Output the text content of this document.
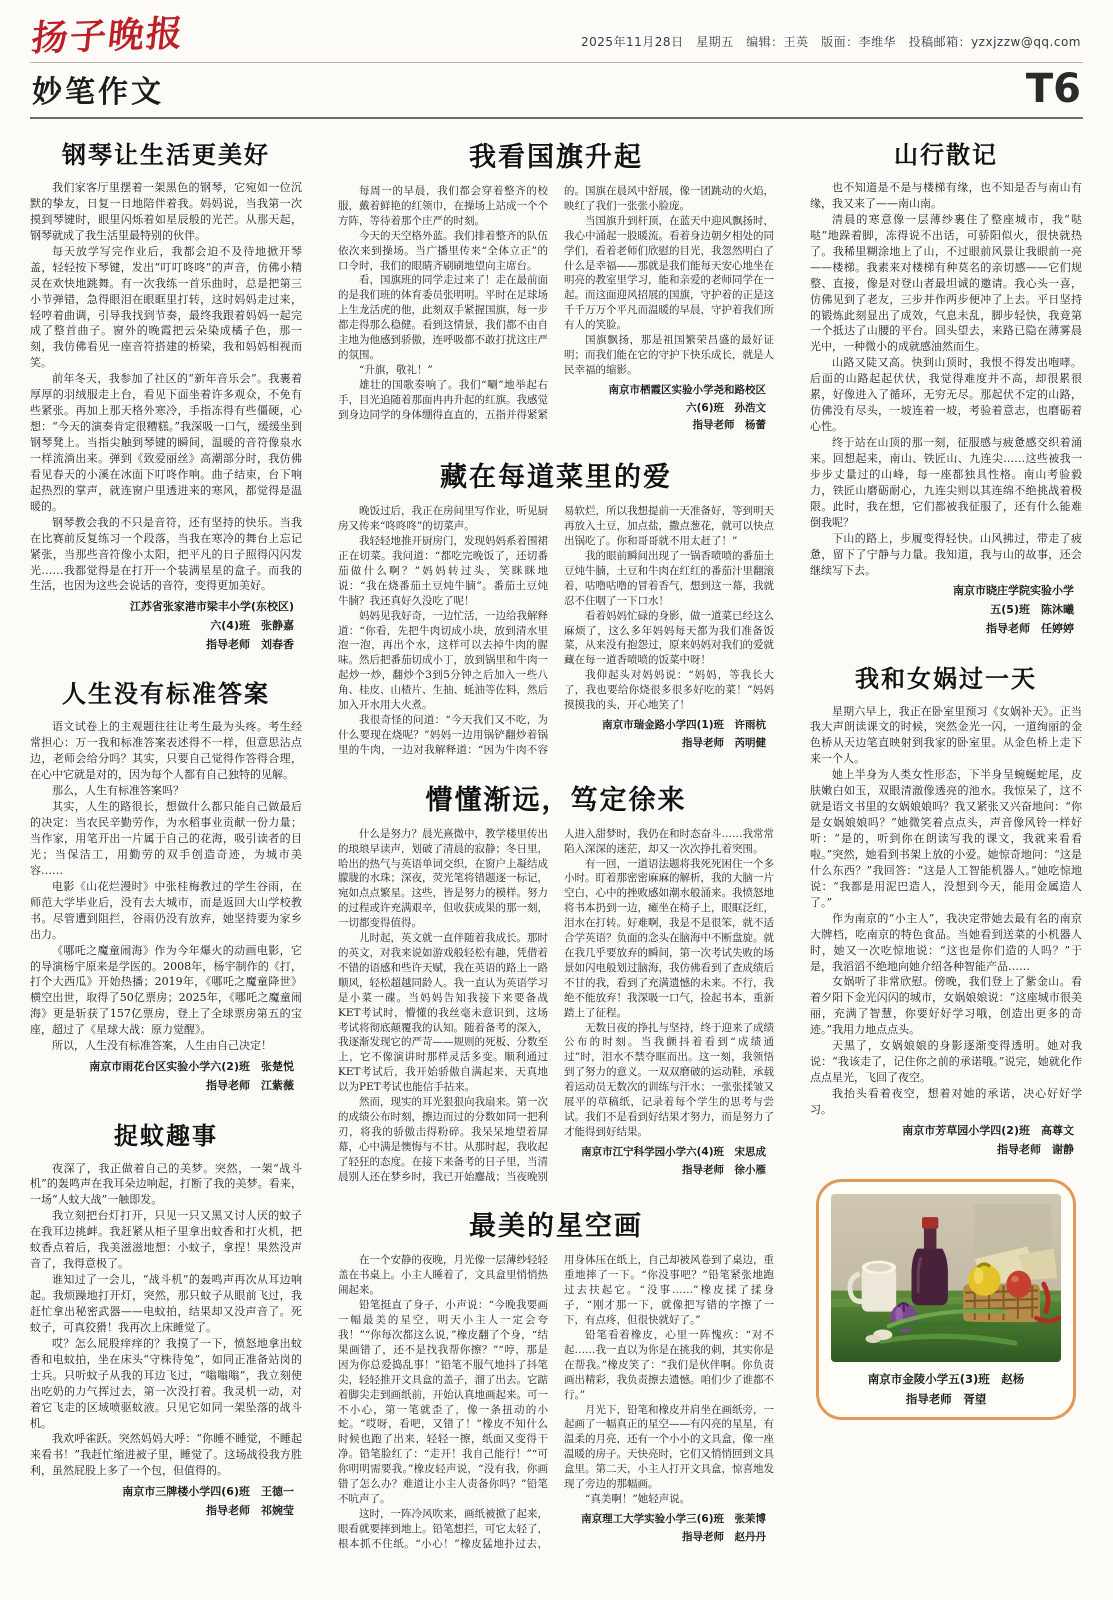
扬子晚报	2025年11月28日　星期五　编辑：王英　版面：李维华　投稿邮箱：yzxjzzw@qq.com
妙笔作文	T6
钢琴让生活更美好

我们家客厅里摆着一架黑色的钢琴，它宛如一位沉默的挚友，日复一日地陪伴着我。妈妈说，当我第一次摸到琴键时，眼里闪烁着如星辰般的光芒。从那天起，钢琴就成了我生活里最特别的伙伴。

每天放学写完作业后，我都会迫不及待地掀开琴盖，轻轻按下琴键，发出“叮叮咚咚”的声音，仿佛小精灵在欢快地跳舞。有一次我练一首乐曲时，总是把第三小节弹错，急得眼泪在眼眶里打转，这时妈妈走过来，轻哼着曲调，引导我找到节奏，最终我跟着妈妈一起完成了整首曲子。窗外的晚霞把云朵染成橘子色，那一刻，我仿佛看见一座音符搭建的桥梁，我和妈妈相视而笑。

前年冬天，我参加了社区的“新年音乐会”。我裹着厚厚的羽绒服走上台，看见下面坐着许多观众，不免有些紧张。再加上那天格外寒冷，手指冻得有些僵硬，心想：“今天的演奏肯定很糟糕。”我深吸一口气，缓缓坐到钢琴凳上。当指尖触到琴键的瞬间，温暖的音符像泉水一样流淌出来。弹到《致爱丽丝》高潮部分时，我仿佛看见春天的小溪在冰面下叮咚作响。曲子结束，台下响起热烈的掌声，就连窗户里透进来的寒风，都觉得是温暖的。

钢琴教会我的不只是音符，还有坚持的快乐。当我在比赛前反复练习一个段落，当我在寒冷的舞台上忘记紧张，当那些音符像小太阳，把平凡的日子照得闪闪发光……我都觉得是在打开一个装满星星的盒子。而我的生活，也因为这些会说话的音符，变得更加美好。

江苏省张家港市梁丰小学(东校区)
六(4)班　张静嘉
指导老师　刘春香
人生没有标准答案

语文试卷上的主观题往往让考生最为头疼。考生经常担心：万一我和标准答案表述得不一样，但意思沾点边，老师会给分吗？其实，只要自己觉得作答得合理，在心中它就是对的，因为每个人都有自己独特的见解。

那么，人生有标准答案吗？

其实，人生的路很长，想做什么都只能自己做最后的决定：当农民辛勤劳作，为水稻事业贡献一份力量；当作家，用笔开出一片属于自己的花海，吸引读者的目光；当保洁工，用勤劳的双手创造奇迹，为城市美容……

电影《山花烂漫时》中张桂梅教过的学生谷雨，在师范大学毕业后，没有去大城市，而是返回大山学校教书。尽管遭到阻拦，谷雨仍没有放弃，她坚持要为家乡出力。

《哪吒之魔童闹海》作为今年爆火的动画电影，它的导演杨宇原来是学医的。2008年，杨宇制作的《打，打个大西瓜》开始热播；2019年，《哪吒之魔童降世》横空出世，取得了50亿票房；2025年，《哪吒之魔童闹海》更是斩获了157亿票房，登上了全球票房第五的宝座，超过了《星球大战：原力觉醒》。

所以，人生没有标准答案，人生由自己决定！

南京市雨花台区实验小学六(2)班　张楚悦
指导老师　江紫薇
捉蚊趣事

夜深了，我正做着自己的美梦。突然，一架“战斗机”的轰鸣声在我耳朵边响起，打断了我的美梦。看来，一场“人蚊大战”一触即发。

我立刻把台灯打开，只见一只又黑又讨人厌的蚊子在我耳边挑衅。我赶紧从柜子里拿出蚊香和打火机，把蚊香点着后，我美滋滋地想：小蚊子，拿捏！果然没声音了，我得意极了。

谁知过了一会儿，“战斗机”的轰鸣声再次从耳边响起。我烦躁地打开灯，突然，那只蚊子从眼前飞过，我赶忙拿出秘密武器——电蚊拍，结果却又没声音了。死蚊子，可真狡猾！我再次上床睡觉了。

哎？怎么屁股痒痒的？我摸了一下，愤怒地拿出蚊香和电蚊拍，坐在床头“守株待兔”，如同正准备站岗的士兵。只听蚊子从我的耳边飞过，“嗡嗡嗡”，我立刻使出吃奶的力气挥过去，第一次没打着。我灵机一动，对着它飞走的区域喷驱蚊液。只见它如同一架坠落的战斗机。

我欢呼雀跃。突然妈妈大呼：“你睡不睡觉，不睡起来看书！”我赶忙缩进被子里，睡觉了。这场战役我方胜利，虽然屁股上多了一个包，但值得的。

南京市三牌楼小学四(6)班　王德一
指导老师　祁婉莹
我看国旗升起

每周一的早晨，我们都会穿着整齐的校服，戴着鲜艳的红领巾，在操场上站成一个个方阵，等待着那个庄严的时刻。

今天的天空格外蓝。我们排着整齐的队伍依次来到操场。当广播里传来“全体立正”的口令时，我们的眼睛齐刷刷地望向主席台。

看，国旗班的同学走过来了！走在最前面的是我们班的体育委员张明明。平时在足球场上生龙活虎的他，此刻双手紧握国旗，每一步都走得那么稳健。看到这情景，我们都不由自主地为他感到骄傲，连呼吸都不敢打扰这庄严的氛围。

“升旗，敬礼！”

雄壮的国歌奏响了。我们“唰”地举起右手，目光追随着那面冉冉升起的红旗。我感觉到身边同学的身体绷得直直的，五指并得紧紧的。国旗在晨风中舒展，像一团跳动的火焰，映红了我们一张张小脸庞。

当国旗升到杆顶，在蓝天中迎风飘扬时，我心中涌起一股暖流。看着身边朝夕相处的同学们，看着老师们欣慰的目光，我忽然明白了什么是幸福——那就是我们能每天安心地坐在明亮的教室里学习，能和亲爱的老师同学在一起。而这面迎风招展的国旗，守护着的正是这千千万万个平凡而温暖的早晨，守护着我们所有人的笑脸。

国旗飘扬，那是祖国繁荣昌盛的最好证明；而我们能在它的守护下快乐成长，就是人民幸福的缩影。

南京市栖霞区实验小学尧和路校区
六(6)班　孙浩文
指导老师　杨蕾
藏在每道菜里的爱

晚饭过后，我正在房间里写作业，听见厨房又传来“咚咚咚”的切菜声。

我轻轻地推开厨房门，发现妈妈系着围裙正在切菜。我问道：“都吃完晚饭了，还切番茄做什么啊？”妈妈转过头，笑眯眯地说：“我在烧番茄土豆炖牛腩”。番茄土豆炖牛腩？我还真好久没吃了呢！

妈妈见我好奇，一边忙活，一边给我解释道：“你看，先把牛肉切成小块，放到清水里泡一泡，再出个水，这样可以去掉牛肉的腥味。然后把番茄切成小丁，放到锅里和牛肉一起炒一炒，翻炒个3到5分钟之后加入一些八角、桂皮、山楂片、生抽、蚝油等佐料，然后加入开水用大火煮。

我很奇怪的问道：“今天我们又不吃，为什么要现在烧呢？”妈妈一边用锅铲翻炒着锅里的牛肉，一边对我解释道：“因为牛肉不容易软烂，所以我想提前一天准备好，等到明天再放入土豆，加点盐，撒点葱花，就可以快点出锅吃了。你和哥哥就不用太赶了！”

我的眼前瞬间出现了一锅香喷喷的番茄土豆炖牛腩，土豆和牛肉在红红的番茄汁里翻滚着，咕噜咕噜的冒着香气，想到这一幕，我就忍不住咽了一下口水！

看着妈妈忙碌的身影，做一道菜已经这么麻烦了，这么多年妈妈每天都为我们准备饭菜，从来没有抱怨过，原来妈妈对我们的爱就藏在每一道香喷喷的饭菜中呀！

我仰起头对妈妈说：“妈妈，等我长大了，我也要给你烧很多很多好吃的菜！”妈妈摸摸我的头，开心地笑了！

南京市瑞金路小学四(1)班　许雨杭
指导老师　芮明健
懵懂渐远，笃定徐来

什么是努力？晨光熹微中，教学楼里传出的琅琅早读声，划破了清晨的寂静；冬日里，哈出的热气与英语单词交织，在窗户上凝结成朦胧的水珠；深夜，荧光笔将错题逐一标记，宛如点点繁星。这些，皆是努力的模样。努力的过程或许充满艰辛，但收获成果的那一刻，一切都变得值得。

儿时起，英文就一直伴随着我成长。那时的英文，对我来说如游戏般轻松有趣，凭借着不错的语感和些许天赋，我在英语的路上一路顺风，轻松超越同龄人。我一直认为英语学习是小菜一碟。当妈妈告知我接下来要备战KET考试时，懵懂的我丝毫未意识到，这场考试将彻底颠覆我的认知。随着备考的深入，我逐渐发现它的严苛——规则的死板、分数至上，它不像演讲时那样灵活多变。顺利通过KET考试后，我开始骄傲自满起来，天真地以为PET考试也能信手拈来。

然而，现实的耳光狠狠向我扇来。第一次的成绩公布时刻，擦边而过的分数如同一把利刃，将我的骄傲击得粉碎。我呆呆地望着屏幕，心中满是懊悔与不甘。从那时起，我收起了轻狂的态度。在接下来备考的日子里，当清晨别人还在梦乡时，我已开始鏖战；当夜晚别人进入甜梦时，我仍在和时态奋斗……我常常陷入深深的迷茫，却又一次次挣扎着突围。

有一回，一道语法题将我死死困住一个多小时。盯着那密密麻麻的解析，我的大脑一片空白，心中的挫败感如潮水般涌来。我愤怒地将书本扔到一边，瘫坐在椅子上，眼眶泛红，泪水在打转。好难啊，我是不是很笨，就不适合学英语？负面的念头在脑海中不断盘旋。就在我几乎要放弃的瞬间，第一次考试失败的场景如闪电般划过脑海，我仿佛看到了查成绩后不甘的我，看到了充满遗憾的未来。不行，我绝不能放弃！我深吸一口气，捡起书本，重新踏上了征程。

无数日夜的挣扎与坚持，终于迎来了成绩公布的时刻。当我颤抖着看到“成绩通过”时，泪水不禁夺眶而出。这一刻，我领悟到了努力的意义。一双双磨破的运动鞋，承载着运动员无数次的训练与汗水；一张张揉皱又展平的草稿纸，记录着每个学生的思考与尝试。我们不是看到好结果才努力，而是努力了才能得到好结果。

南京市江宁科学园小学六(4)班　宋思成
指导老师　徐小雁
最美的星空画

在一个安静的夜晚，月光像一层薄纱轻轻盖在书桌上。小主人睡着了，文具盒里悄悄热闹起来。

铅笔挺直了身子，小声说：“今晚我要画一幅最美的星空，明天小主人一定会夸我！”“你每次都这么说，”橡皮翻了个身，“结果画错了，还不是找我帮你擦？”“哼，那是因为你总爱捣乱事！”铅笔不服气地抖了抖笔尖，轻轻推开文具盒的盖子，溜了出去。它踮着脚尖走到画纸前，开始认真地画起来。可一不小心，第一笔就歪了，像一条扭动的小蛇。“哎呀，看吧，又错了！”橡皮不知什么时候也跑了出来，轻轻一擦，纸面又变得干净。铅笔脸红了：“走开！我自己能行！”“可你明明需要我。”橡皮轻声说，“没有我，你画错了怎么办？难道让小主人责备你吗？”铅笔不吭声了。

这时，一阵冷风吹来，画纸被掀了起来，眼看就要摔到地上。铅笔想拦，可它太轻了，根本抓不住纸。“小心！”橡皮猛地扑过去，用身体压在纸上，自己却被风卷到了桌边，重重地摔了一下。“你没事吧？”铅笔紧张地跑过去扶起它。“没事……”橡皮揉了揉身子，“刚才那一下，就像把写错的字擦了一下，有点疼，但很快就好了。”

铅笔看着橡皮，心里一阵愧疚：“对不起……我一直以为你是在挑我的刺，其实你是在帮我。”橡皮笑了：“我们是伙伴啊。你负责画出精彩，我负责擦去遗憾。咱们少了谁都不行。”

月光下，铅笔和橡皮并肩坐在画纸旁，一起画了一幅真正的星空——有闪亮的星星，有温柔的月亮，还有一个小小的文具盒，像一座温暖的房子。天快亮时，它们又悄悄回到文具盒里。第二天，小主人打开文具盒，惊喜地发现了旁边的那幅画。

“真美啊！”她轻声说。

南京理工大学实验小学三(6)班　张苿博
指导老师　赵丹丹
山行散记

也不知道是不是与楼梯有缘，也不知是否与南山有缘，我又来了——南山南。

清晨的寒意像一层薄纱裹住了整座城市，我“哒哒”地跺着脚，冻得说不出话，可骄阳似火，很快就热了。我稀里糊涂地上了山，不过眼前风景让我眼前一亮——楼梯。我素来对楼梯有种莫名的亲切感——它们规整、直接，像是对登山者最坦诚的邀请。我心头一喜，仿佛见到了老友，三步并作两步便冲了上去。平日坚持的锻炼此刻显出了成效，气息未乱，脚步轻快，我竟第一个抵达了山腰的平台。回头望去，来路已隐在薄雾晨光中，一种微小的成就感油然而生。

山路又陡又高。快到山顶时，我恨不得发出咆哮。后面的山路起起伏伏，我觉得难度并不高，却很累很累，好像进入了循环，无穷无尽。那起伏不定的山路，仿佛没有尽头，一坡连着一坡，考验着意志，也磨砺着心性。

终于站在山顶的那一刻，征服感与疲惫感交织着涌来。回想起来，南山、铁匠山、九连尖……这些被我一步步丈量过的山峰，每一座都独具性格。南山考验毅力，铁匠山磨砺耐心，九连尖则以其连绵不绝挑战着极限。此时，我在想，它们都被我征服了，还有什么能难倒我呢？

下山的路上，步履变得轻快。山风拂过，带走了疲惫，留下了宁静与力量。我知道，我与山的故事，还会继续写下去。

南京市晓庄学院实验小学
五(5)班　陈沐曦
指导老师　任婷婷
我和女娲过一天

星期六早上，我正在卧室里预习《女娲补天》。正当我大声朗读课文的时候，突然金光一闪，一道绚丽的金色桥从天边笔直映射到我家的卧室里。从金色桥上走下来一个人。

她上半身为人类女性形态，下半身呈蜿蜒蛇尾，皮肤嫩白如玉，双眼清澈像透亮的池水。我惊呆了，这不就是语文书里的女娲娘娘吗？我又紧张又兴奋地问：“你是女娲娘娘吗？”她微笑着点点头，声音像风铃一样好听：“是的，听到你在朗读写我的课文，我就来看看啦。”突然，她看到书架上放的小爱。她惊奇地问：“这是什么东西？”我回答：“这是人工智能机器人。”她吃惊地说：“我都是用泥巴造人，没想到今天，能用金属造人了。”

作为南京的“小主人”，我决定带她去最有名的南京大牌档，吃南京的特色食品。当她看到送菜的小机器人时，她又一次吃惊地说：“这也是你们造的人吗？”于是，我滔滔不绝地向她介绍各种智能产品……

女娲听了非常欣慰。傍晚，我们登上了紫金山。看着夕阳下金光闪闪的城市，女娲娘娘说：“这座城市很美丽，充满了智慧，你要好好学习哦，创造出更多的奇迹。”我用力地点点头。

天黑了，女娲娘娘的身影逐渐变得透明。她对我说：“我该走了，记住你之前的承诺哦。”说完，她就化作点点星光，飞回了夜空。

我抬头看着夜空，想着对她的承诺，决心好好学习。

南京市芳草园小学四(2)班　高尊文
指导老师　谢静
南京市金陵小学五(3)班　赵杨
指导老师　胥望
